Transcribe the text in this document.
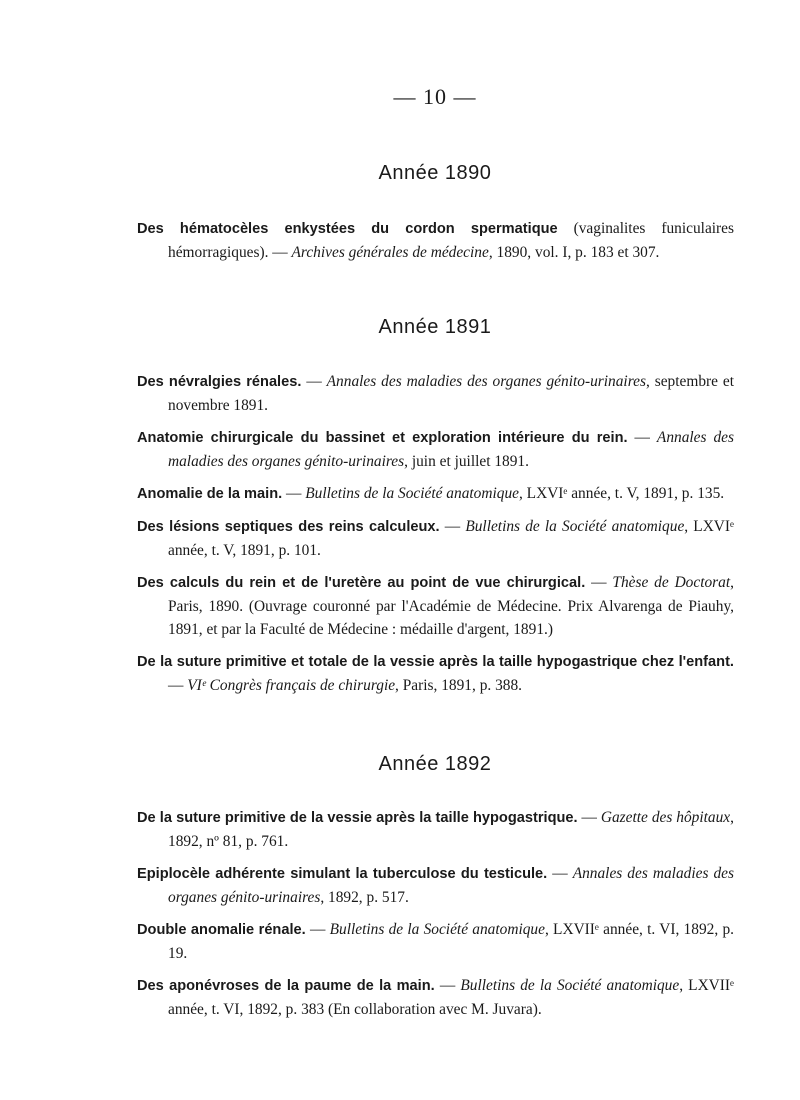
— 10 —
Année 1890

Des hématocèles enkystées du cordon spermatique (vaginalites funiculaires hémorragiques). — Archives générales de médecine, 1890, vol. I, p. 183 et 307.

Année 1891

Des névralgies rénales. — Annales des maladies des organes génito-urinaires, septembre et novembre 1891.

Anatomie chirurgicale du bassinet et exploration intérieure du rein. — Annales des maladies des organes génito-urinaires, juin et juillet 1891.

Anomalie de la main. — Bulletins de la Société anatomique, LXVIᵉ année, t. V, 1891, p. 135.

Des lésions septiques des reins calculeux. — Bulletins de la Société anatomique, LXVIᵉ année, t. V, 1891, p. 101.

Des calculs du rein et de l'uretère au point de vue chirurgical. — Thèse de Doctorat, Paris, 1890. (Ouvrage couronné par l'Académie de Médecine. Prix Alvarenga de Piauhy, 1891, et par la Faculté de Médecine : médaille d'argent, 1891.)

De la suture primitive et totale de la vessie après la taille hypogastrique chez l'enfant. — VIᵉ Congrès français de chirurgie, Paris, 1891, p. 388.

Année 1892

De la suture primitive de la vessie après la taille hypogastrique. — Gazette des hôpitaux, 1892, nº 81, p. 761.

Epiplocèle adhérente simulant la tuberculose du testicule. — Annales des maladies des organes génito-urinaires, 1892, p. 517.

Double anomalie rénale. — Bulletins de la Société anatomique, LXVIIᵉ année, t. VI, 1892, p. 19.

Des aponévroses de la paume de la main. — Bulletins de la Société anatomique, LXVIIᵉ année, t. VI, 1892, p. 383 (En collaboration avec M. Juvara).
